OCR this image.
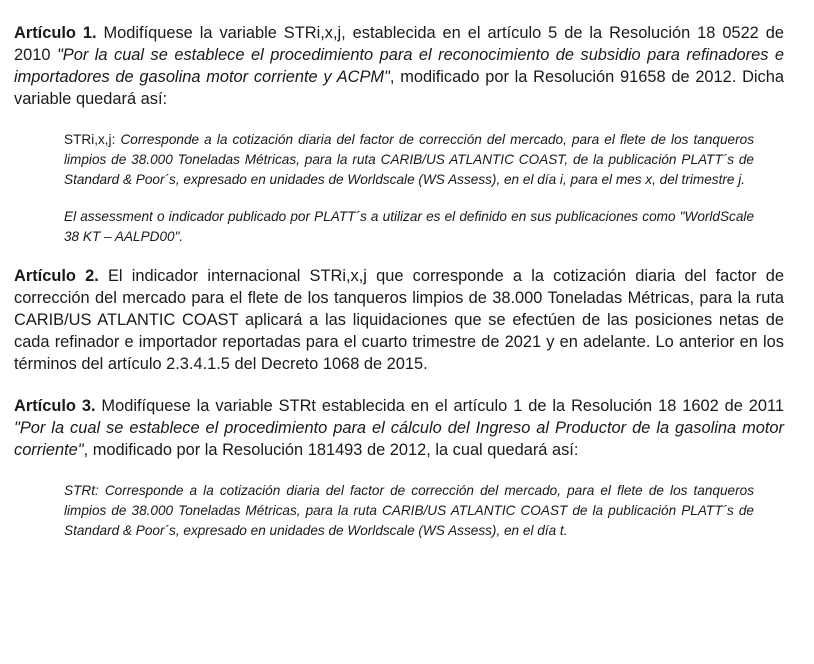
Artículo 1. Modifíquese la variable STRi,x,j, establecida en el artículo 5 de la Resolución 18 0522 de 2010 "Por la cual se establece el procedimiento para el reconocimiento de subsidio para refinadores e importadores de gasolina motor corriente y ACPM", modificado por la Resolución 91658 de 2012. Dicha variable quedará así:

STRi,x,j: Corresponde a la cotización diaria del factor de corrección del mercado, para el flete de los tanqueros limpios de 38.000 Toneladas Métricas, para la ruta CARIB/US ATLANTIC COAST, de la publicación PLATT´s de Standard & Poor´s, expresado en unidades de Worldscale (WS Assess), en el día i, para el mes x, del trimestre j.

El assessment o indicador publicado por PLATT´s a utilizar es el definido en sus publicaciones como "WorldScale 38 KT – AALPD00".

Artículo 2. El indicador internacional STRi,x,j que corresponde a la cotización diaria del factor de corrección del mercado para el flete de los tanqueros limpios de 38.000 Toneladas Métricas, para la ruta CARIB/US ATLANTIC COAST aplicará a las liquidaciones que se efectúen de las posiciones netas de cada refinador e importador reportadas para el cuarto trimestre de 2021 y en adelante. Lo anterior en los términos del artículo 2.3.4.1.5 del Decreto 1068 de 2015.

Artículo 3. Modifíquese la variable STRt establecida en el artículo 1 de la Resolución 18 1602 de 2011 "Por la cual se establece el procedimiento para el cálculo del Ingreso al Productor de la gasolina motor corriente", modificado por la Resolución 181493 de 2012, la cual quedará así:

STRt: Corresponde a la cotización diaria del factor de corrección del mercado, para el flete de los tanqueros limpios de 38.000 Toneladas Métricas, para la ruta CARIB/US ATLANTIC COAST de la publicación PLATT´s de Standard & Poor´s, expresado en unidades de Worldscale (WS Assess), en el día t.
